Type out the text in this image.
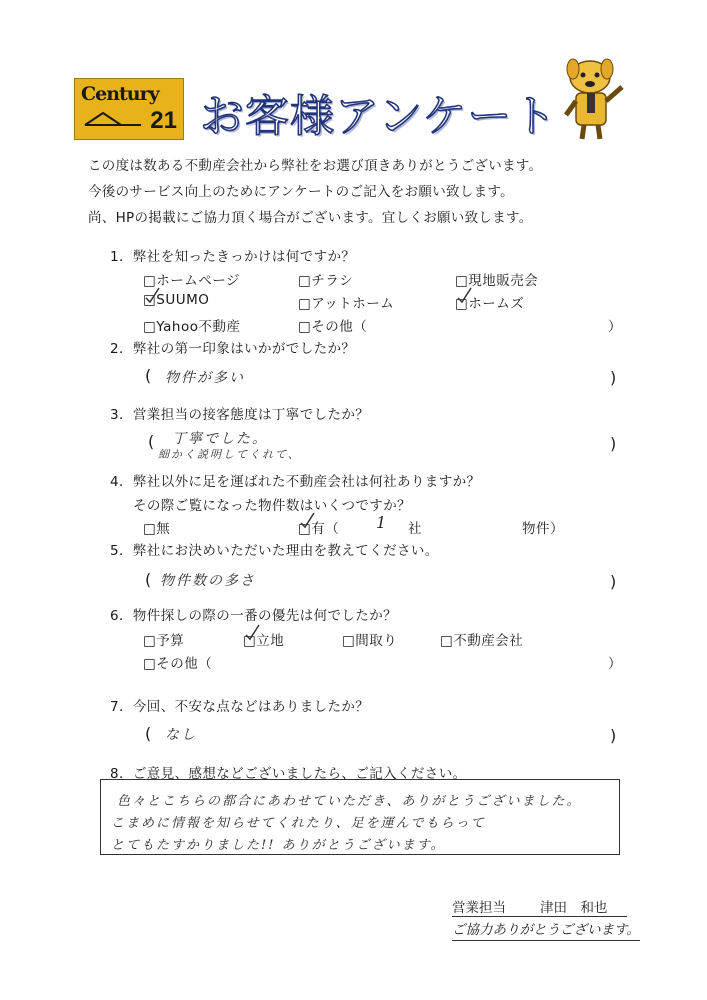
Century
21 お客様アンケート
この度は数ある不動産会社から弊社をお選び頂きありがとうございます。
今後のサービス向上のためにアンケートのご記入をお願い致します。
尚、HPの掲載にご協力頂く場合がございます。宜しくお願い致します。
1．弊社を知ったきっかけは何ですか？
□ホームページ	□チラシ	□現地販売会
□SUUMO	□アットホーム	□ホームズ
□Yahoo不動産	□その他（	）
2．弊社の第一印象はいかがでしたか？
( 物件が多い	)
3．営業担当の接客態度は丁寧でしたか？
( 丁寧でした。
細かく説明してくれて、
)
4．弊社以外に足を運ばれた不動産会社は何社ありますか？
その際ご覧になった物件数はいくつですか？
□無	□有（ 1 社	物件）
5．弊社にお決めいただいた理由を教えてください。
( 物件数の多さ	)
6．物件探しの際の一番の優先は何でしたか？
□予算	□立地	□間取り	□不動産会社
□その他（	）
7．今回、不安な点などはありましたか？
( なし	)
8．ご意見、感想などございましたら、ご記入ください。
色々とこちらの都合にあわせていただき、ありがとうございました。
こまめに情報を知らせてくれたり、足を運んでもらって
とてもたすかりました!! ありがとうございます。
営業担当	津田　和也
ご協力ありがとうございます。
